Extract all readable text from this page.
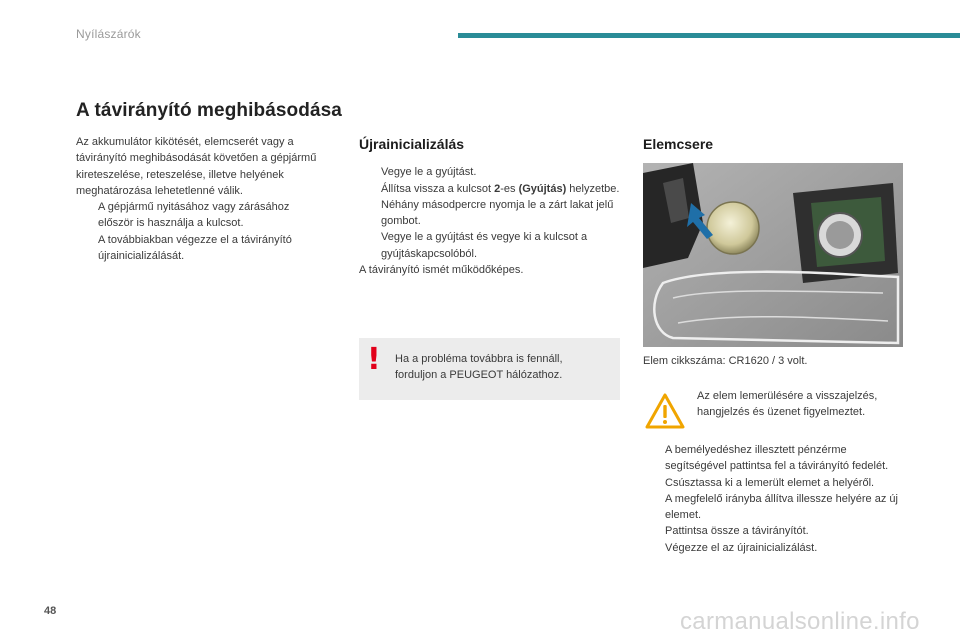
Nyílászárók
A távirányító meghibásodása

Az akkumulátor kikötését, elemcserét vagy a távirányító meghibásodását követően a gépjármű kireteszelése, reteszelése, illetve helyének meghatározása lehetetlenné válik.

A gépjármű nyitásához vagy zárásához először is használja a kulcsot.
A továbbiakban végezze el a távirányító újrainicializálását.
Újrainicializálás
Vegye le a gyújtást.
Állítsa vissza a kulcsot 2-es (Gyújtás) helyzetbe.
Néhány másodpercre nyomja le a zárt lakat jelű gombot.
Vegye le a gyújtást és vegye ki a kulcsot a gyújtáskapcsolóból.

A távirányító ismét működőképes.

! Ha a probléma továbbra is fennáll, forduljon a PEUGEOT hálózathoz.

Elemcsere

Elem cikkszáma: CR1620 / 3 volt.

Az elem lemerülésére a visszajelzés, hangjelzés és üzenet figyelmeztet.

A bemélyedéshez illesztett pénzérme segítségével pattintsa fel a távirányító fedelét.
Csúsztassa ki a lemerült elemet a helyéről.
A megfelelő irányba állítva illessze helyére az új elemet.
Pattintsa össze a távirányítót.
Végezze el az újrainicializálást.
48	carmanualsonline.info
